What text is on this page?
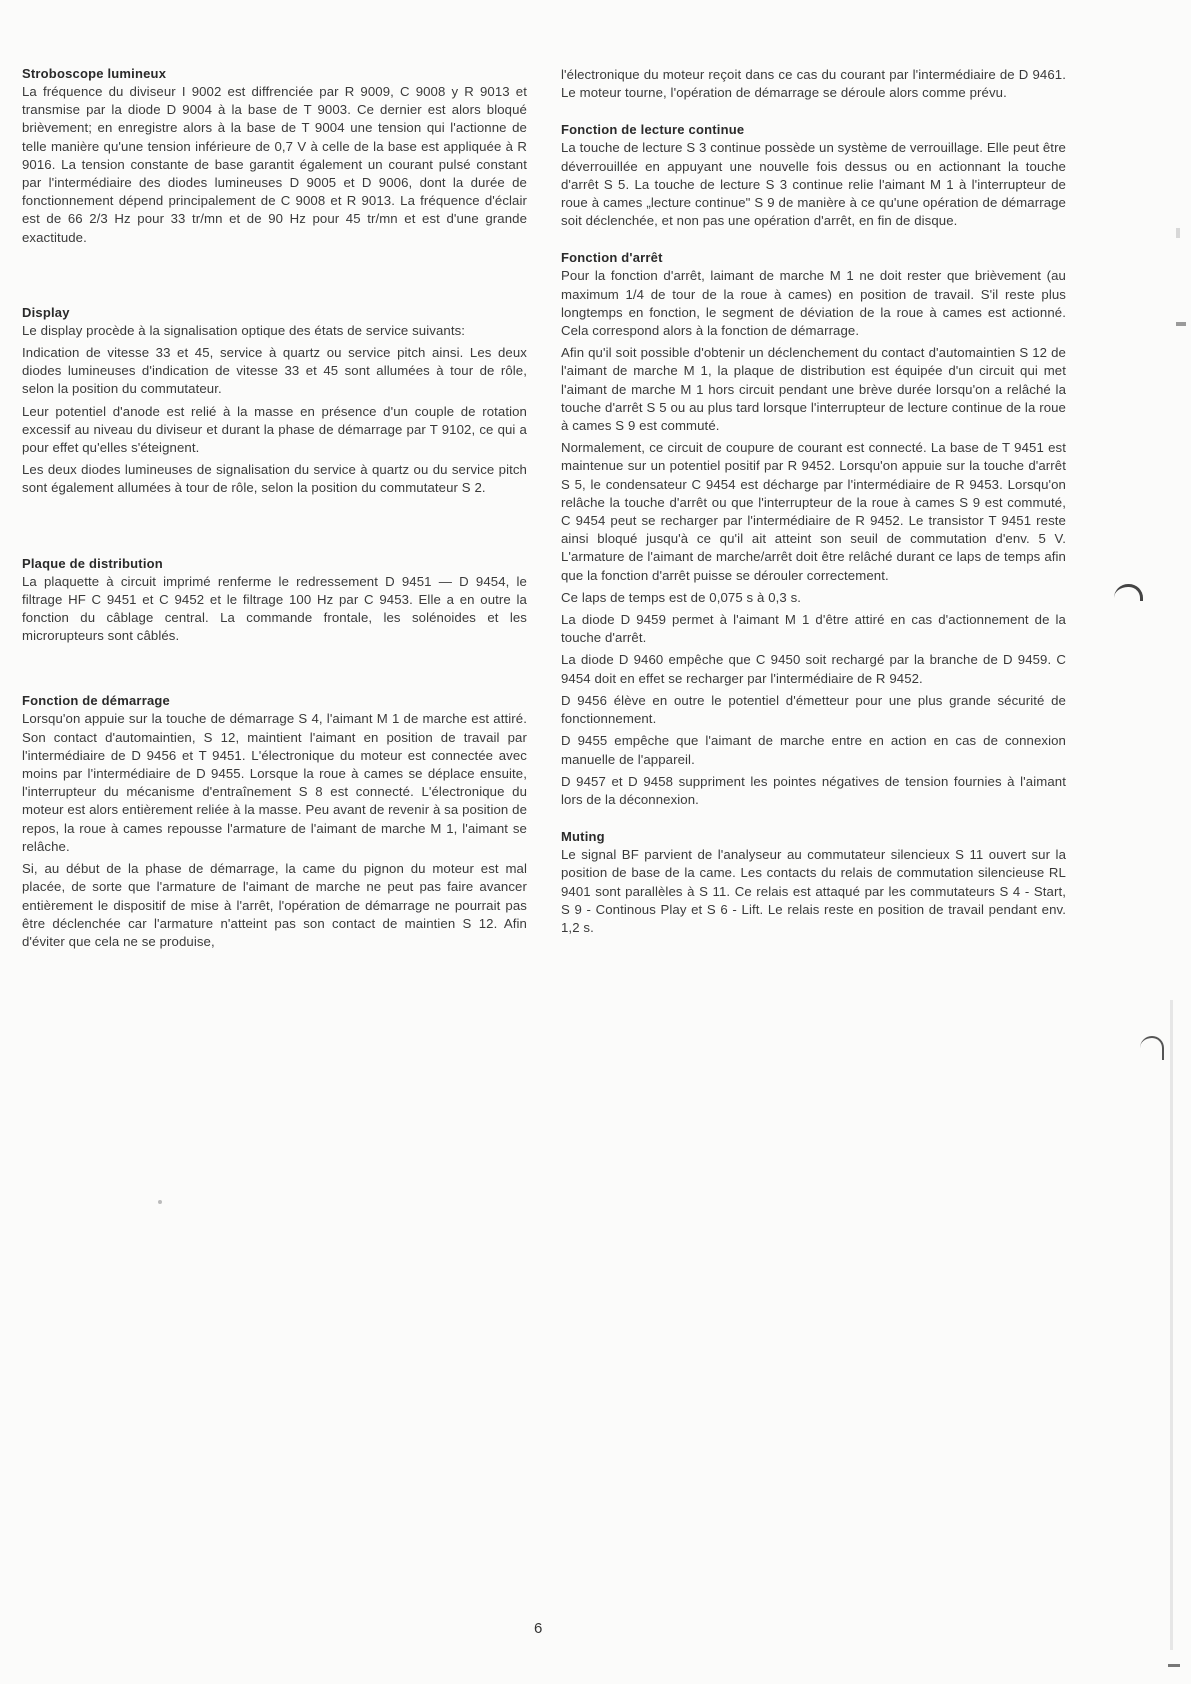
Stroboscope lumineux

La fréquence du diviseur I 9002 est diffrenciée par R 9009, C 9008 y R 9013 et transmise par la diode D 9004 à la base de T 9003. Ce dernier est alors bloqué brièvement; en enregistre alors à la base de T 9004 une tension qui l'actionne de telle manière qu'une tension inférieure de 0,7 V à celle de la base est appliquée à R 9016. La tension constante de base garantit également un courant pulsé constant par l'intermédiaire des diodes lumineuses D 9005 et D 9006, dont la durée de fonctionnement dépend principalement de C 9008 et R 9013. La fréquence d'éclair est de 66 2/3 Hz pour 33 tr/mn et de 90 Hz pour 45 tr/mn et est d'une grande exactitude.

Display

Le display procède à la signalisation optique des états de service suivants:

Indication de vitesse 33 et 45, service à quartz ou service pitch ainsi. Les deux diodes lumineuses d'indication de vitesse 33 et 45 sont allumées à tour de rôle, selon la position du commutateur.

Leur potentiel d'anode est relié à la masse en présence d'un couple de rotation excessif au niveau du diviseur et durant la phase de démarrage par T 9102, ce qui a pour effet qu'elles s'éteignent.

Les deux diodes lumineuses de signalisation du service à quartz ou du service pitch sont également allumées à tour de rôle, selon la position du commutateur S 2.

Plaque de distribution

La plaquette à circuit imprimé renferme le redressement D 9451 — D 9454, le filtrage HF C 9451 et C 9452 et le filtrage 100 Hz par C 9453. Elle a en outre la fonction du câblage central. La commande frontale, les solénoides et les microrupteurs sont câblés.

Fonction de démarrage

Lorsqu'on appuie sur la touche de démarrage S 4, l'aimant M 1 de marche est attiré. Son contact d'automaintien, S 12, maintient l'aimant en position de travail par l'intermédiaire de D 9456 et T 9451. L'électronique du moteur est connectée avec moins par l'intermédiaire de D 9455. Lorsque la roue à cames se déplace ensuite, l'interrupteur du mécanisme d'entraînement S 8 est connecté. L'électronique du moteur est alors entièrement reliée à la masse. Peu avant de revenir à sa position de repos, la roue à cames repousse l'armature de l'aimant de marche M 1, l'aimant se relâche.

Si, au début de la phase de démarrage, la came du pignon du moteur est mal placée, de sorte que l'armature de l'aimant de marche ne peut pas faire avancer entièrement le dispositif de mise à l'arrêt, l'opération de démarrage ne pourrait pas être déclenchée car l'armature n'atteint pas son contact de maintien S 12. Afin d'éviter que cela ne se produise,

l'électronique du moteur reçoit dans ce cas du courant par l'intermédiaire de D 9461. Le moteur tourne, l'opération de démarrage se déroule alors comme prévu.

Fonction de lecture continue

La touche de lecture S 3 continue possède un système de verrouillage. Elle peut être déverrouillée en appuyant une nouvelle fois dessus ou en actionnant la touche d'arrêt S 5. La touche de lecture S 3 continue relie l'aimant M 1 à l'interrupteur de roue à cames „lecture continue" S 9 de manière à ce qu'une opération de démarrage soit déclenchée, et non pas une opération d'arrêt, en fin de disque.

Fonction d'arrêt

Pour la fonction d'arrêt, laimant de marche M 1 ne doit rester que brièvement (au maximum 1/4 de tour de la roue à cames) en position de travail. S'il reste plus longtemps en fonction, le segment de déviation de la roue à cames est actionné. Cela correspond alors à la fonction de démarrage.

Afin qu'il soit possible d'obtenir un déclenchement du contact d'automaintien S 12 de l'aimant de marche M 1, la plaque de distribution est équipée d'un circuit qui met l'aimant de marche M 1 hors circuit pendant une brève durée lorsqu'on a relâché la touche d'arrêt S 5 ou au plus tard lorsque l'interrupteur de lecture continue de la roue à cames S 9 est commuté.

Normalement, ce circuit de coupure de courant est connecté. La base de T 9451 est maintenue sur un potentiel positif par R 9452. Lorsqu'on appuie sur la touche d'arrêt S 5, le condensateur C 9454 est décharge par l'intermédiaire de R 9453. Lorsqu'on relâche la touche d'arrêt ou que l'interrupteur de la roue à cames S 9 est commuté, C 9454 peut se recharger par l'intermédiaire de R 9452. Le transistor T 9451 reste ainsi bloqué jusqu'à ce qu'il ait atteint son seuil de commutation d'env. 5 V. L'armature de l'aimant de marche/arrêt doit être relâché durant ce laps de temps afin que la fonction d'arrêt puisse se dérouler correctement.

Ce laps de temps est de 0,075 s à 0,3 s.

La diode D 9459 permet à l'aimant M 1 d'être attiré en cas d'actionnement de la touche d'arrêt.

La diode D 9460 empêche que C 9450 soit rechargé par la branche de D 9459. C 9454 doit en effet se recharger par l'intermédiaire de R 9452.

D 9456 élève en outre le potentiel d'émetteur pour une plus grande sécurité de fonctionnement.

D 9455 empêche que l'aimant de marche entre en action en cas de connexion manuelle de l'appareil.

D 9457 et D 9458 suppriment les pointes négatives de tension fournies à l'aimant lors de la déconnexion.

Muting

Le signal BF parvient de l'analyseur au commutateur silencieux S 11 ouvert sur la position de base de la came. Les contacts du relais de commutation silencieuse RL 9401 sont parallèles à S 11. Ce relais est attaqué par les commutateurs S 4 - Start, S 9 - Continous Play et S 6 - Lift. Le relais reste en position de travail pendant env. 1,2 s.

6
